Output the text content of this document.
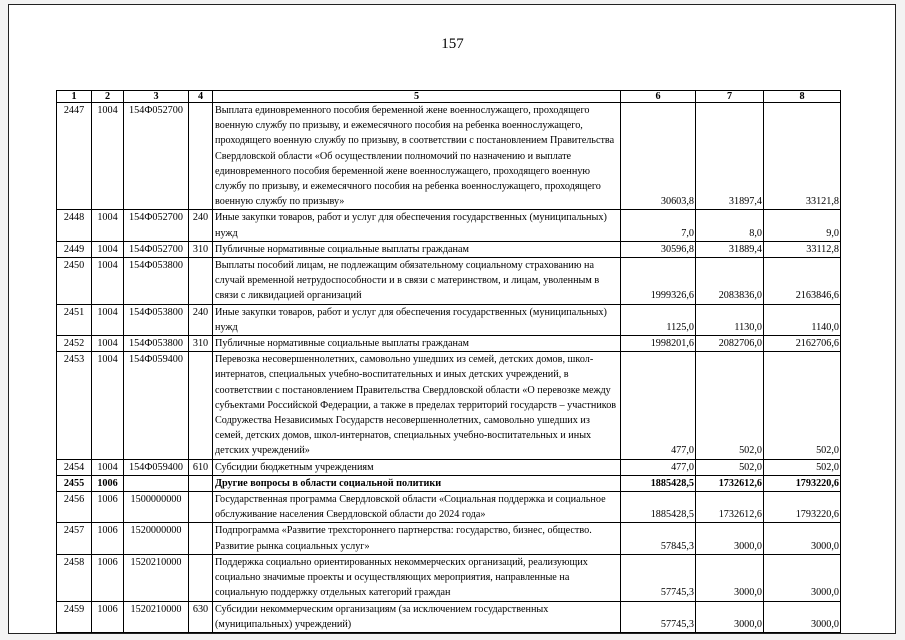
157
1	2	3	4	5	6	7	8
2447	1004	154Ф052700		Выплата единовременного пособия беременной жене военнослужащего, проходящего военную службу по призыву, и ежемесячного пособия на ребенка военнослужащего, проходящего военную службу по призыву, в соответствии с постановлением Правительства Свердловской области «Об осуществлении полномочий по назначению и выплате единовременного пособия беременной жене военнослужащего, проходящего военную службу по призыву, и ежемесячного пособия на ребенка военнослужащего, проходящего военную службу по призыву»	30603,8	31897,4	33121,8
2448	1004	154Ф052700	240	Иные закупки товаров, работ и услуг для обеспечения государственных (муниципальных) нужд	7,0	8,0	9,0
2449	1004	154Ф052700	310	Публичные нормативные социальные выплаты гражданам	30596,8	31889,4	33112,8
2450	1004	154Ф053800		Выплаты пособий лицам, не подлежащим обязательному социальному страхованию на случай временной нетрудоспособности и в связи с материнством, и лицам, уволенным в связи с ликвидацией организаций	1999326,6	2083836,0	2163846,6
2451	1004	154Ф053800	240	Иные закупки товаров, работ и услуг для обеспечения государственных (муниципальных) нужд	1125,0	1130,0	1140,0
2452	1004	154Ф053800	310	Публичные нормативные социальные выплаты гражданам	1998201,6	2082706,0	2162706,6
2453	1004	154Ф059400		Перевозка несовершеннолетних, самовольно ушедших из семей, детских домов, школ-интернатов, специальных учебно-воспитательных и иных детских учреждений, в соответствии с постановлением Правительства Свердловской области «О перевозке между субъектами Российской Федерации, а также в пределах территорий государств – участников Содружества Независимых Государств несовершеннолетних, самовольно ушедших из семей, детских домов, школ-интернатов, специальных учебно-воспитательных и иных детских учреждений»	477,0	502,0	502,0
2454	1004	154Ф059400	610	Субсидии бюджетным учреждениям	477,0	502,0	502,0
2455	1006			Другие вопросы в области социальной политики	1885428,5	1732612,6	1793220,6
2456	1006	1500000000		Государственная программа Свердловской области «Социальная поддержка и социальное обслуживание населения Свердловской области до 2024 года»	1885428,5	1732612,6	1793220,6
2457	1006	1520000000		Подпрограмма «Развитие трехстороннего партнерства: государство, бизнес, общество. Развитие рынка социальных услуг»	57845,3	3000,0	3000,0
2458	1006	1520210000		Поддержка социально ориентированных некоммерческих организаций, реализующих социально значимые проекты и осуществляющих мероприятия, направленные на социальную поддержку отдельных категорий граждан	57745,3	3000,0	3000,0
2459	1006	1520210000	630	Субсидии некоммерческим организациям (за исключением государственных (муниципальных) учреждений)	57745,3	3000,0	3000,0
